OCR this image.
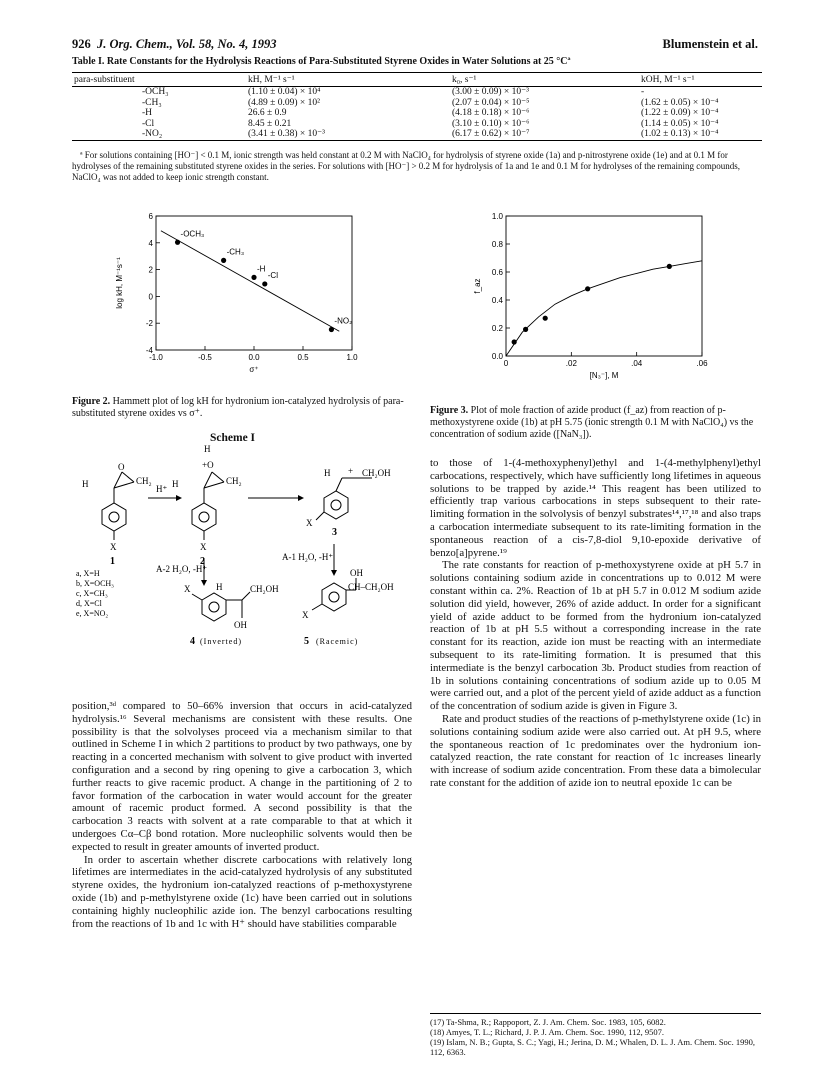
926 J. Org. Chem., Vol. 58, No. 4, 1993	Blumenstein et al.
Table I. Rate Constants for the Hydrolysis Reactions of Para-Substituted Styrene Oxides in Water Solutions at 25 °Cª
para-substituent	kH, M⁻¹ s⁻¹	k₀, s⁻¹	kOH, M⁻¹ s⁻¹
-OCH₃	(1.10 ± 0.04) × 10⁴	(3.00 ± 0.09) × 10⁻³	-
-CH₃	(4.89 ± 0.09) × 10²	(2.07 ± 0.04) × 10⁻⁵	(1.62 ± 0.05) × 10⁻⁴
-H	26.6 ± 0.9	(4.18 ± 0.18) × 10⁻⁶	(1.22 ± 0.09) × 10⁻⁴
-Cl	8.45 ± 0.21	(3.10 ± 0.10) × 10⁻⁶	(1.14 ± 0.05) × 10⁻⁴
-NO₂	(3.41 ± 0.38) × 10⁻³	(6.17 ± 0.62) × 10⁻⁷	(1.02 ± 0.13) × 10⁻⁴
ª For solutions containing [HO⁻] < 0.1 M, ionic strength was held constant at 0.2 M with NaClO₄ for hydrolysis of styrene oxide (1a) and p-nitrostyrene oxide (1e) and at 0.1 M for hydrolyses of the remaining substituted styrene oxides in the series. For solutions with [HO⁻] > 0.2 M for hydrolysis of 1a and 1e and 0.1 M for hydrolyses of the remaining compounds, NaClO₄ was not added to keep ionic strength constant.
-1.0	-0.5	0.0	0.5	1.0
-4
-2
0
2
4
6
-OCH₃
-CH₃
-H
-Cl
-NO₂
σ⁺
log kH, M⁻¹s⁻¹
Figure 2. Hammett plot of log kH for hydronium ion-catalyzed hydrolysis of para-substituted styrene oxides vs σ⁺.
0	.02	.04	.06
0.0
0.2
0.4
0.6
0.8
1.0
[N₃⁻], M
f_az
Figure 3. Plot of mole fraction of azide product (f_az) from reaction of p-methoxystyrene oxide (1b) at pH 5.75 (ionic strength 0.1 M with NaClO₄) vs the concentration of sodium azide ([NaN₃]).
Scheme I
O
H	CH₂
X
H⁺
H
+O
H	CH₂
X
H + CH₂OH
X
A-2 H₂O, -H⁺
A-1 H₂O, -H⁺
H	CH₂OH
OH
X
OH
CH–CH₂OH
X
1	2
3
4	5
(Inverted)	(Racemic)
a, X=H
b, X=OCH₃
c, X=CH₃
d, X=Cl
e, X=NO₂

position,³ᵈ compared to 50–66% inversion that occurs in acid-catalyzed hydrolysis.¹⁶ Several mechanisms are consistent with these results. One possibility is that the solvolyses proceed via a mechanism similar to that outlined in Scheme I in which 2 partitions to product by two pathways, one by reacting in a concerted mechanism with solvent to give product with inverted configuration and a second by ring opening to give a carbocation 3, which further reacts to give racemic product. A change in the partitioning of 2 to favor formation of the carbocation in water would account for the greater amount of racemic product formed. A second possibility is that the carbocation 3 reacts with solvent at a rate comparable to that at which it undergoes Cα–Cβ bond rotation. More nucleophilic solvents would then be expected to result in greater amounts of inverted product.

In order to ascertain whether discrete carbocations with relatively long lifetimes are intermediates in the acid-catalyzed hydrolysis of any substituted styrene oxides, the hydronium ion-catalyzed reactions of p-methoxystyrene oxide (1b) and p-methylstyrene oxide (1c) have been carried out in solutions containing highly nucleophilic azide ion. The benzyl carbocations resulting from the reactions of 1b and 1c with H⁺ should have stabilities comparable

to those of 1-(4-methoxyphenyl)ethyl and 1-(4-methylphenyl)ethyl carbocations, respectively, which have sufficiently long lifetimes in aqueous solutions to be trapped by azide.¹⁴ This reagent has been utilized to efficiently trap various carbocations in steps subsequent to their rate-limiting formation in the solvolysis of benzyl substrates¹⁴,¹⁷,¹⁸ and also traps a carbocation intermediate subsequent to its rate-limiting formation in the spontaneous reaction of a cis-7,8-diol 9,10-epoxide derivative of benzo[a]pyrene.¹⁹

The rate constants for reaction of p-methoxystyrene oxide at pH 5.7 in solutions containing sodium azide in concentrations up to 0.012 M were constant within ca. 2%. Reaction of 1b at pH 5.7 in 0.012 M sodium azide solution did yield, however, 26% of azide adduct. In order for a significant yield of azide adduct to be formed from the hydronium ion-catalyzed reaction of 1b at pH 5.5 without a corresponding increase in the rate constant for its reaction, azide ion must be reacting with an intermediate subsequent to its rate-limiting formation. It is presumed that this intermediate is the benzyl carbocation 3b. Product studies from reaction of 1b in solutions containing concentrations of sodium azide up to 0.05 M were carried out, and a plot of the percent yield of azide adduct as a function of the concentration of sodium azide is given in Figure 3.

Rate and product studies of the reactions of p-methylstyrene oxide (1c) in solutions containing sodium azide were also carried out. At pH 9.5, where the spontaneous reaction of 1c predominates over the hydronium ion-catalyzed reaction, the rate constant for reaction of 1c increases linearly with increase of sodium azide concentration. From these data a bimolecular rate constant for the addition of azide ion to neutral epoxide 1c can be

(17) Ta-Shma, R.; Rappoport, Z. J. Am. Chem. Soc. 1983, 105, 6082.
(18) Amyes, T. L.; Richard, J. P. J. Am. Chem. Soc. 1990, 112, 9507.
(19) Islam, N. B.; Gupta, S. C.; Yagi, H.; Jerina, D. M.; Whalen, D. L. J. Am. Chem. Soc. 1990, 112, 6363.
